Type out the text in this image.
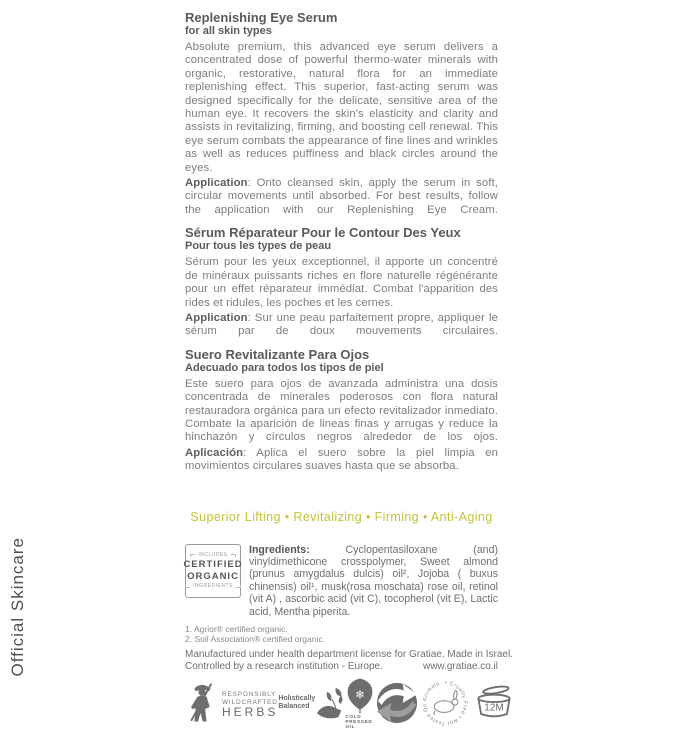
Official Skincare
Replenishing Eye Serum
for all skin types

Absolute premium, this advanced eye serum delivers a concentrated dose of powerful thermo-water minerals with organic, restorative, natural flora for an immediate replenishing effect. This superior, fast-acting serum was designed specifically for the delicate, sensitive area of the human eye. It recovers the skin's elasticity and clarity and assists in revitalizing, firming, and boosting cell renewal. This eye serum combats the appearance of fine lines and wrinkles as well as reduces puffiness and black circles around the eyes.

Application: Onto cleansed skin, apply the serum in soft, circular movements until absorbed. For best results, follow the application with our Replenishing Eye Cream.

Sérum Réparateur Pour le Contour Des Yeux
Pour tous les types de peau

Sérum pour les yeux exceptionnel, il apporte un concentré de minéraux puissants riches en flore naturelle régénérante pour un effet réparateur immédiat. Combat l'apparition des rides et ridules, les poches et les cernes.

Application: Sur une peau parfaitement propre, appliquer le sérum par de doux mouvements circulaires.

Suero Revitalizante Para Ojos
Adecuado para todos los tipos de piel

Este suero para ojos de avanzada administra una dosis concentrada de minerales poderosos con flora natural restauradora orgánica para un efecto revitalizador inmediato. Combate la aparición de lineas finas y arrugas y reduce la hinchazón y círculos negros alrededor de los ojos.

Aplicación: Aplica el suero sobre la piel limpia en movimientos circulares suaves hasta que se absorba.

Superior Lifting • Revitalizing • Firming • Anti-Aging
INCLUDES
CERTIFIED
ORGANIC
INGREDIENTS

Ingredients: Cyclopentasiloxane (and) vinyldimethicone crosspolymer, Sweet almond (prunus amygdalus dulcis) oil², Jojoba ( buxus chinensis) oil¹, musk(rosa moschata) rose oil, retinol (vit A) , ascorbic acid (vit C), tocopherol (vit E), Lactic acid, Mentha piperita.

1. Agrior® certified organic.
2. Soil Association® certified organic.
Manufactured under health department license for Gratiae. Made in Israel.
Controlled by a research institution - Europe.	www.gratiae.co.il
RESPONSIBLY
WILDCRAFTED
HERBS
Holistically
Balanced
❄
COLD PRESSED OIL
• Cruelty Free • Not Tested On Animals
12M
